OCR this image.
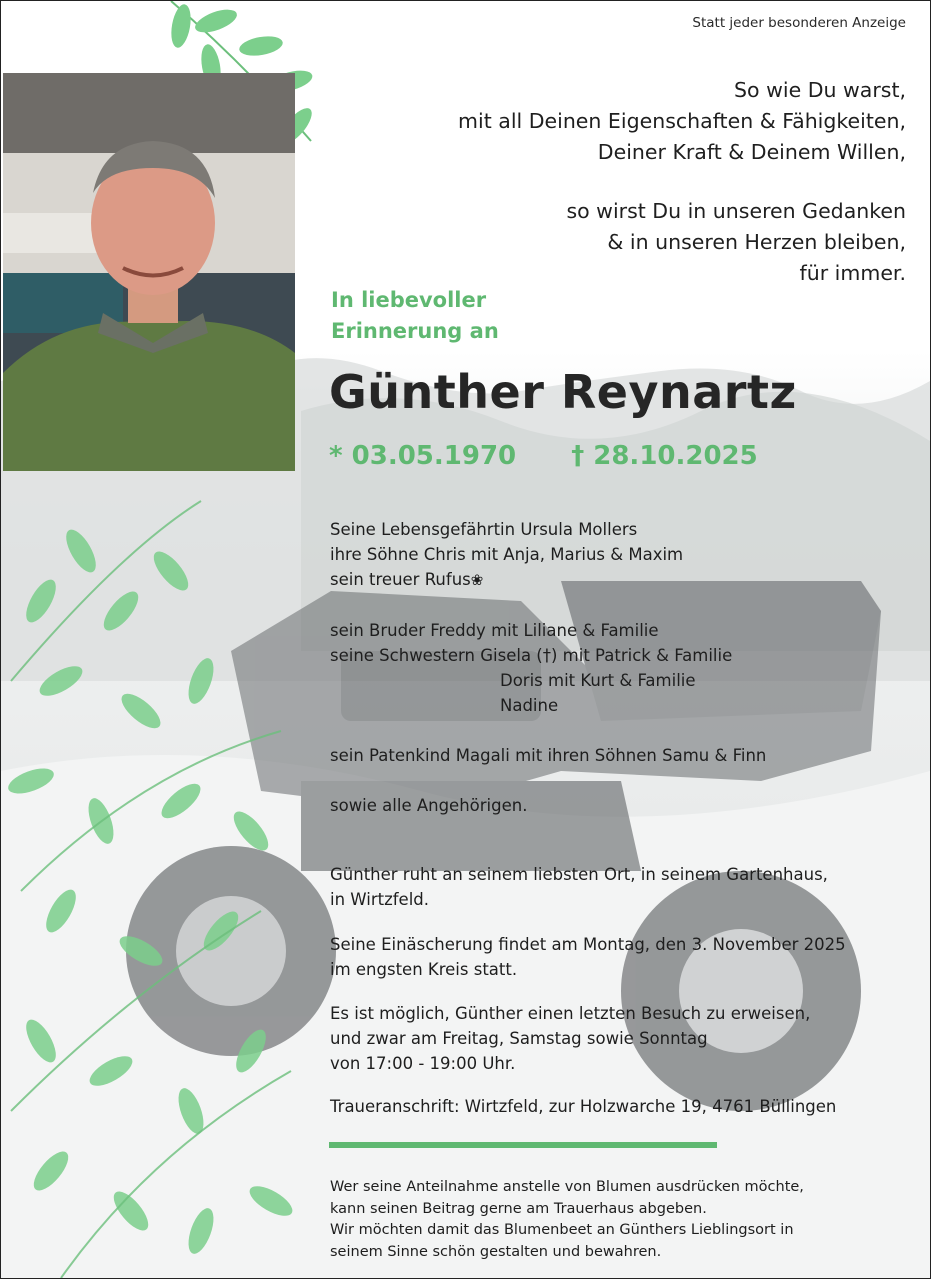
Statt jeder besonderen Anzeige
So wie Du warst,
mit all Deinen Eigenschaften & Fähigkeiten,
Deiner Kraft & Deinem Willen,
so wirst Du in unseren Gedanken
& in unseren Herzen bleiben,
für immer.
In liebevoller
Erinnerung an
Günther Reynartz
* 03.05.1970 † 28.10.2025
Seine Lebensgefährtin Ursula Mollers
ihre Söhne Chris mit Anja, Marius & Maxim
sein treuer Rufus❀
sein Bruder Freddy mit Liliane & Familie
seine Schwestern Gisela (†) mit Patrick & Familie
Doris mit Kurt & Familie
Nadine
sein Patenkind Magali mit ihren Söhnen Samu & Finn
sowie alle Angehörigen.
Günther ruht an seinem liebsten Ort, in seinem Gartenhaus,
in Wirtzfeld.
Seine Einäscherung findet am Montag, den 3. November 2025
im engsten Kreis statt.
Es ist möglich, Günther einen letzten Besuch zu erweisen,
und zwar am Freitag, Samstag sowie Sonntag
von 17:00 - 19:00 Uhr.
Traueranschrift: Wirtzfeld, zur Holzwarche 19, 4761 Büllingen
Wer seine Anteilnahme anstelle von Blumen ausdrücken möchte,
kann seinen Beitrag gerne am Trauerhaus abgeben.
Wir möchten damit das Blumenbeet an Günthers Lieblingsort in
seinem Sinne schön gestalten und bewahren.
